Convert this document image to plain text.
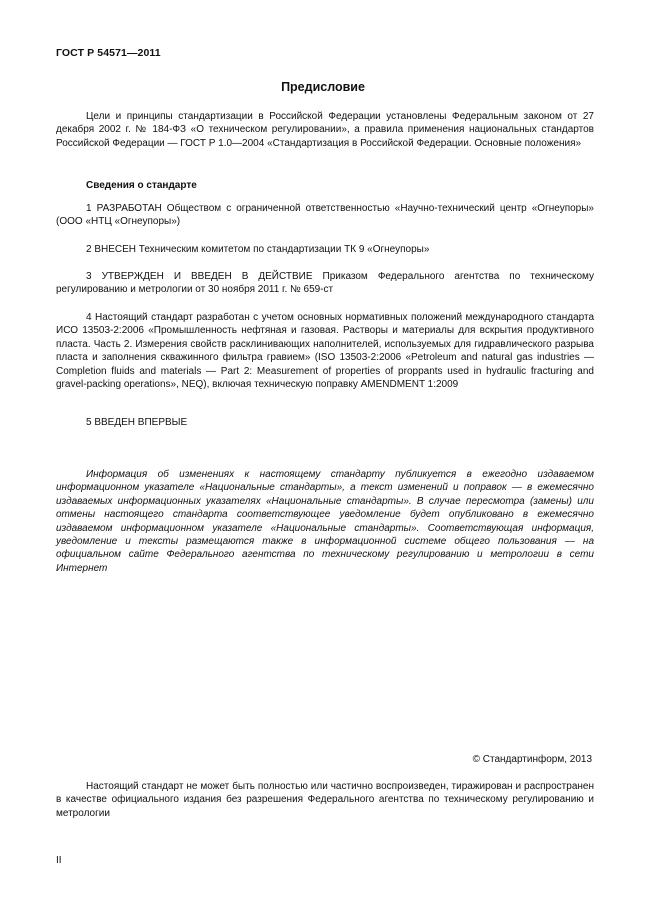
ГОСТ Р 54571—2011
Предисловие

Цели и принципы стандартизации в Российской Федерации установлены Федеральным законом от 27 декабря 2002 г. № 184-ФЗ «О техническом регулировании», а правила применения национальных стандартов Российской Федерации — ГОСТ Р 1.0—2004 «Стандартизация в Российской Федерации. Основные положения»

Сведения о стандарте

1 РАЗРАБОТАН Обществом с ограниченной ответственностью «Научно-технический центр «Огнеупоры» (ООО «НТЦ «Огнеупоры»)

2 ВНЕСЕН Техническим комитетом по стандартизации ТК 9 «Огнеупоры»

3 УТВЕРЖДЕН И ВВЕДЕН В ДЕЙСТВИЕ Приказом Федерального агентства по техническому регулированию и метрологии от 30 ноября 2011 г. № 659-ст

4 Настоящий стандарт разработан с учетом основных нормативных положений международного стандарта ИСО 13503-2:2006 «Промышленность нефтяная и газовая. Растворы и материалы для вскрытия продуктивного пласта. Часть 2. Измерения свойств расклинивающих наполнителей, используемых для гидравлического разрыва пласта и заполнения скважинного фильтра гравием» (ISO 13503-2:2006 «Petroleum and natural gas industries — Completion fluids and materials — Part 2: Measurement of properties of proppants used in hydraulic fracturing and gravel-packing operations», NEQ), включая техническую поправку AMENDMENT 1:2009

5 ВВЕДЕН ВПЕРВЫЕ

Информация об изменениях к настоящему стандарту публикуется в ежегодно издаваемом информационном указателе «Национальные стандарты», а текст изменений и поправок — в ежемесячно издаваемых информационных указателях «Национальные стандарты». В случае пересмотра (замены) или отмены настоящего стандарта соответствующее уведомление будет опубликовано в ежемесячно издаваемом информационном указателе «Национальные стандарты». Соответствующая информация, уведомление и тексты размещаются также в информационной системе общего пользования — на официальном сайте Федерального агентства по техническому регулированию и метрологии в сети Интернет

© Стандартинформ, 2013

Настоящий стандарт не может быть полностью или частично воспроизведен, тиражирован и распространен в качестве официального издания без разрешения Федерального агентства по техническому регулированию и метрологии

II
